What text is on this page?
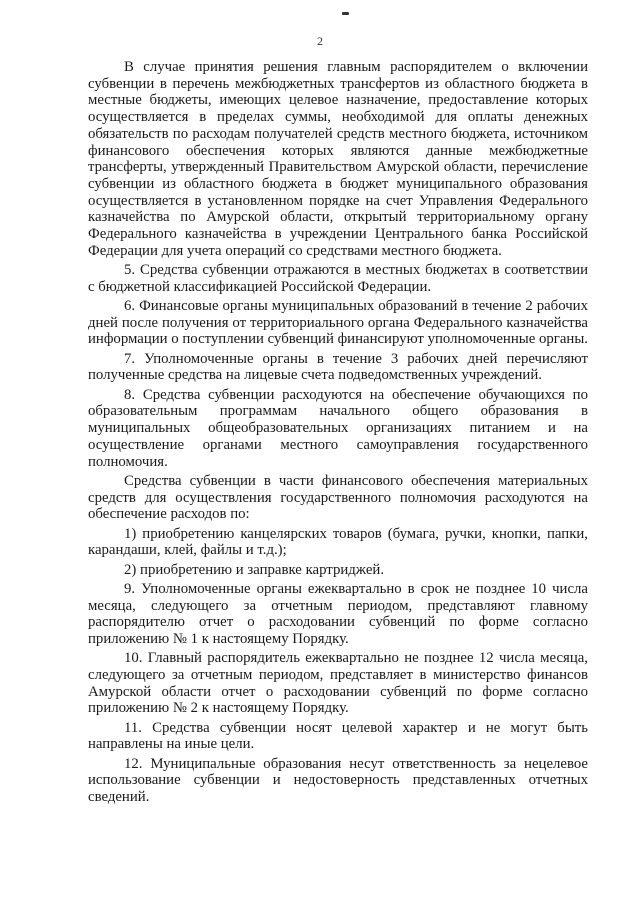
2

В случае принятия решения главным распорядителем о включении субвенции в перечень межбюджетных трансфертов из областного бюджета в местные бюджеты, имеющих целевое назначение, предоставление которых осуществляется в пределах суммы, необходимой для оплаты денежных обязательств по расходам получателей средств местного бюджета, источником финансового обеспечения которых являются данные межбюджетные трансферты, утвержденный Правительством Амурской области, перечисление субвенции из областного бюджета в бюджет муниципального образования осуществляется в установленном порядке на счет Управления Федерального казначейства по Амурской области, открытый территориальному органу Федерального казначейства в учреждении Центрального банка Российской Федерации для учета операций со средствами местного бюджета.

5. Средства субвенции отражаются в местных бюджетах в соответствии с бюджетной классификацией Российской Федерации.

6. Финансовые органы муниципальных образований в течение 2 рабочих дней после получения от территориального органа Федерального казначейства информации о поступлении субвенций финансируют уполномоченные органы.

7. Уполномоченные органы в течение 3 рабочих дней перечисляют полученные средства на лицевые счета подведомственных учреждений.

8. Средства субвенции расходуются на обеспечение обучающихся по образовательным программам начального общего образования в муниципальных общеобразовательных организациях питанием и на осуществление органами местного самоуправления государственного полномочия.

Средства субвенции в части финансового обеспечения материальных средств для осуществления государственного полномочия расходуются на обеспечение расходов по:

1) приобретению канцелярских товаров (бумага, ручки, кнопки, папки, карандаши, клей, файлы и т.д.);

2) приобретению и заправке картриджей.

9. Уполномоченные органы ежеквартально в срок не позднее 10 числа месяца, следующего за отчетным периодом, представляют главному распорядителю отчет о расходовании субвенций по форме согласно приложению № 1 к настоящему Порядку.

10. Главный распорядитель ежеквартально не позднее 12 числа месяца, следующего за отчетным периодом, представляет в министерство финансов Амурской области отчет о расходовании субвенций по форме согласно приложению № 2 к настоящему Порядку.

11. Средства субвенции носят целевой характер и не могут быть направлены на иные цели.

12. Муниципальные образования несут ответственность за нецелевое использование субвенции и недостоверность представленных отчетных сведений.
